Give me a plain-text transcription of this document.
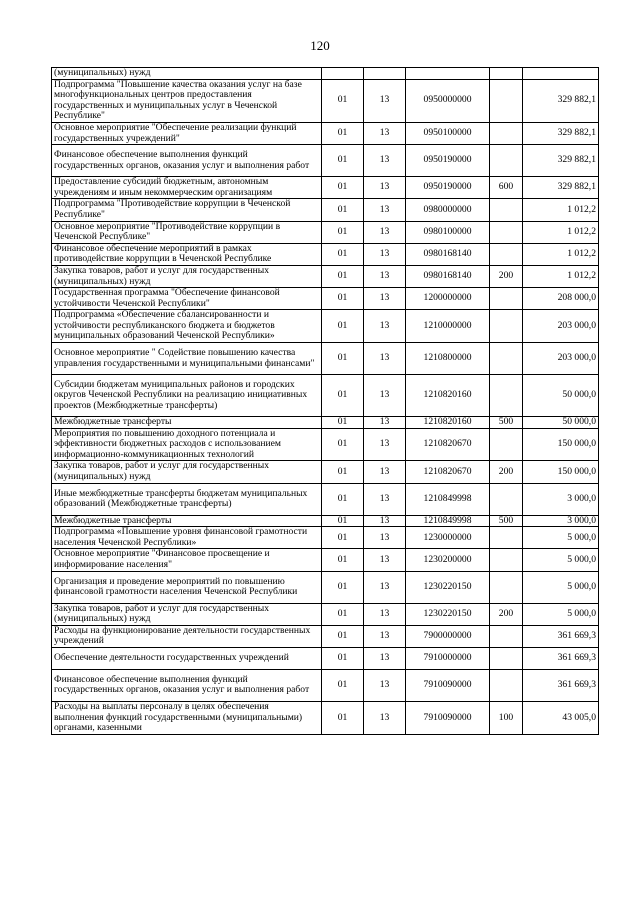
120
(муниципальных) нужд					
Подпрограмма "Повышение качества оказания услуг на базе многофункциональных центров предоставления государственных и муниципальных услуг в Чеченской Республике"	01	13	0950000000		329 882,1
Основное мероприятие "Обеспечение реализации функций государственных учреждений"	01	13	0950100000		329 882,1
Финансовое обеспечение выполнения функций государственных органов, оказания услуг и выполнения работ	01	13	0950190000		329 882,1
Предоставление субсидий бюджетным, автономным учреждениям и иным некоммерческим организациям	01	13	0950190000	600	329 882,1
Подпрограмма "Противодействие коррупции в Чеченской Республике"	01	13	0980000000		1 012,2
Основное мероприятие "Противодействие коррупции в Чеченской Республике"	01	13	0980100000		1 012,2
Финансовое обеспечение мероприятий в рамках противодействие коррупции в Чеченской Республике	01	13	0980168140		1 012,2
Закупка товаров, работ и услуг для государственных (муниципальных) нужд	01	13	0980168140	200	1 012,2
Государственная программа "Обеспечение финансовой устойчивости Чеченской Республики"	01	13	1200000000		208 000,0
Подпрограмма «Обеспечение сбалансированности и устойчивости республиканского бюджета и бюджетов муниципальных образований Чеченской Республики»	01	13	1210000000		203 000,0
Основное мероприятие " Содействие повышению качества управления государственными и муниципальными финансами"	01	13	1210800000		203 000,0
Субсидии бюджетам муниципальных районов и городских округов Чеченской Республики на реализацию инициативных проектов (Межбюджетные трансферты)	01	13	1210820160		50 000,0
Межбюджетные трансферты	01	13	1210820160	500	50 000,0
Мероприятия по повышению доходного потенциала и эффективности бюджетных расходов с использованием информационно-коммуникационных технологий	01	13	1210820670		150 000,0
Закупка товаров, работ и услуг для государственных (муниципальных) нужд	01	13	1210820670	200	150 000,0
Иные межбюджетные трансферты бюджетам муниципальных образований (Межбюджетные трансферты)	01	13	1210849998		3 000,0
Межбюджетные трансферты	01	13	1210849998	500	3 000,0
Подпрограмма «Повышение уровня финансовой грамотности населения Чеченской Республики»	01	13	1230000000		5 000,0
Основное мероприятие "Финансовое просвещение и информирование населения"	01	13	1230200000		5 000,0
Организация и проведение мероприятий по повышению финансовой грамотности населения Чеченской Республики	01	13	1230220150		5 000,0
Закупка товаров, работ и услуг для государственных (муниципальных) нужд	01	13	1230220150	200	5 000,0
Расходы на функционирование деятельности государственных учреждений	01	13	7900000000		361 669,3
Обеспечение деятельности государственных учреждений	01	13	7910000000		361 669,3
Финансовое обеспечение выполнения функций государственных органов, оказания услуг и выполнения работ	01	13	7910090000		361 669,3
Расходы на выплаты персоналу в целях обеспечения выполнения функций государственными (муниципальными) органами, казенными	01	13	7910090000	100	43 005,0
